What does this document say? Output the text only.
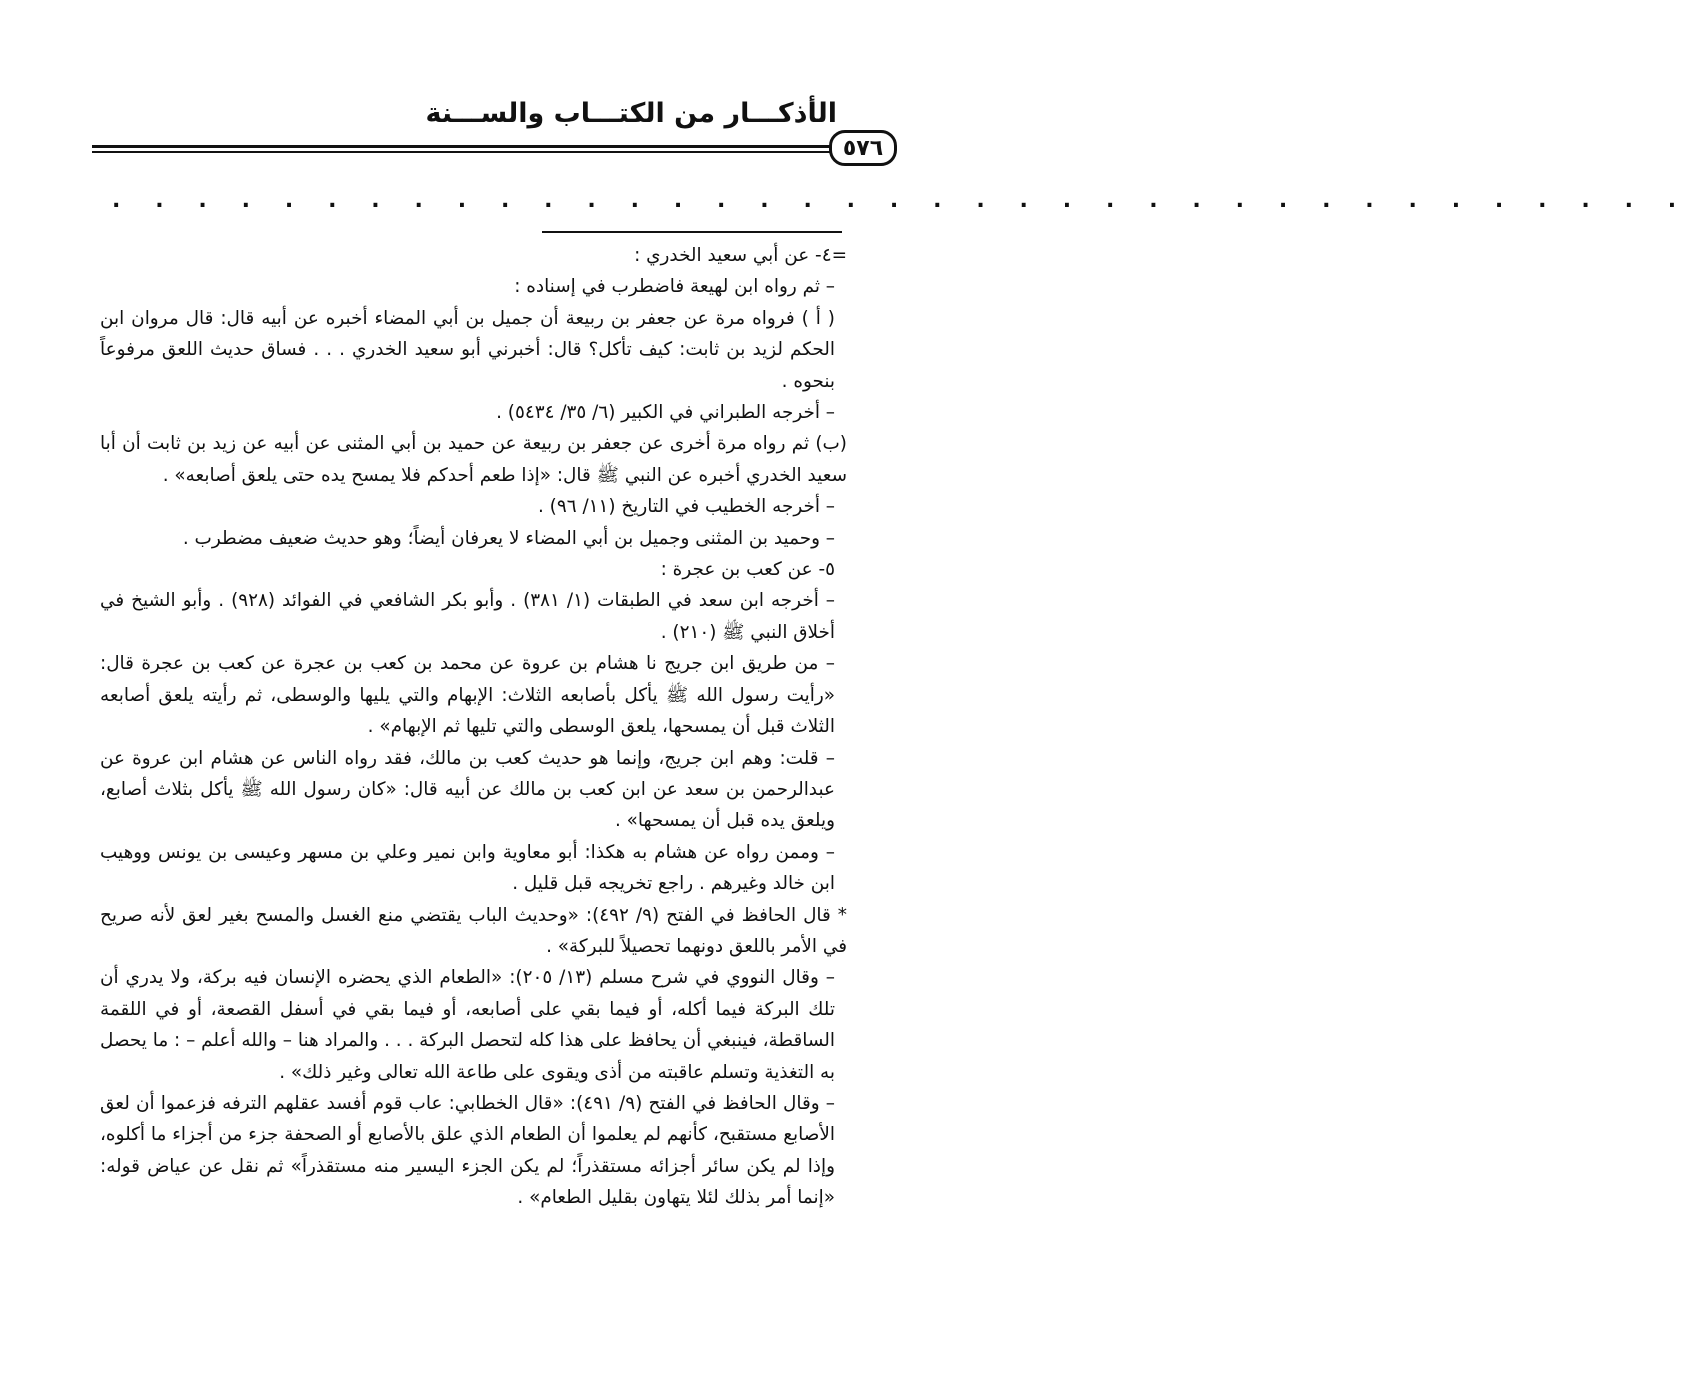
الأذكـــار من الكتـــاب والســـنة
٥٧٦
. . . . . . . . . . . . . . . . . . . . . . . . . . . . . . . . . . . . .

=٤- عن أبي سعيد الخدري :

– ثم رواه ابن لهيعة فاضطرب في إسناده :

( أ ) فرواه مرة عن جعفر بن ربيعة أن جميل بن أبي المضاء أخبره عن أبيه قال: قال مروان ابن الحكم لزيد بن ثابت: كيف تأكل؟ قال: أخبرني أبو سعيد الخدري . . . فساق حديث اللعق مرفوعاً بنحوه .

– أخرجه الطبراني في الكبير (٦/ ٣٥/ ٥٤٣٤) .

(ب) ثم رواه مرة أخرى عن جعفر بن ربيعة عن حميد بن أبي المثنى عن أبيه عن زيد بن ثابت أن أبا سعيد الخدري أخبره عن النبي ﷺ قال: «إذا طعم أحدكم فلا يمسح يده حتى يلعق أصابعه» .

– أخرجه الخطيب في التاريخ (١١/ ٩٦) .

– وحميد بن المثنى وجميل بن أبي المضاء لا يعرفان أيضاً؛ وهو حديث ضعيف مضطرب .

٥- عن كعب بن عجرة :

– أخرجه ابن سعد في الطبقات (١/ ٣٨١) . وأبو بكر الشافعي في الفوائد (٩٢٨) . وأبو الشيخ في أخلاق النبي ﷺ (٢١٠) .

– من طريق ابن جريج نا هشام بن عروة عن محمد بن كعب بن عجرة عن كعب بن عجرة قال: «رأيت رسول الله ﷺ يأكل بأصابعه الثلاث: الإبهام والتي يليها والوسطى، ثم رأيته يلعق أصابعه الثلاث قبل أن يمسحها، يلعق الوسطى والتي تليها ثم الإبهام» .

– قلت: وهم ابن جريج، وإنما هو حديث كعب بن مالك، فقد رواه الناس عن هشام ابن عروة عن عبدالرحمن بن سعد عن ابن كعب بن مالك عن أبيه قال: «كان رسول الله ﷺ يأكل بثلاث أصابع، ويلعق يده قبل أن يمسحها» .

– وممن رواه عن هشام به هكذا: أبو معاوية وابن نمير وعلي بن مسهر وعيسى بن يونس ووهيب ابن خالد وغيرهم . راجع تخريجه قبل قليل .

* قال الحافظ في الفتح (٩/ ٤٩٢): «وحديث الباب يقتضي منع الغسل والمسح بغير لعق لأنه صريح في الأمر باللعق دونهما تحصيلاً للبركة» .

– وقال النووي في شرح مسلم (١٣/ ٢٠٥): «الطعام الذي يحضره الإنسان فيه بركة، ولا يدري أن تلك البركة فيما أكله، أو فيما بقي على أصابعه، أو فيما بقي في أسفل القصعة، أو في اللقمة الساقطة، فينبغي أن يحافظ على هذا كله لتحصل البركة . . . والمراد هنا – والله أعلم – : ما يحصل به التغذية وتسلم عاقبته من أذى ويقوى على طاعة الله تعالى وغير ذلك» .

– وقال الحافظ في الفتح (٩/ ٤٩١): «قال الخطابي: عاب قوم أفسد عقلهم الترفه فزعموا أن لعق الأصابع مستقبح، كأنهم لم يعلموا أن الطعام الذي علق بالأصابع أو الصحفة جزء من أجزاء ما أكلوه، وإذا لم يكن سائر أجزائه مستقذراً؛ لم يكن الجزء اليسير منه مستقذراً» ثم نقل عن عياض قوله: «إنما أمر بذلك لئلا يتهاون بقليل الطعام» .
